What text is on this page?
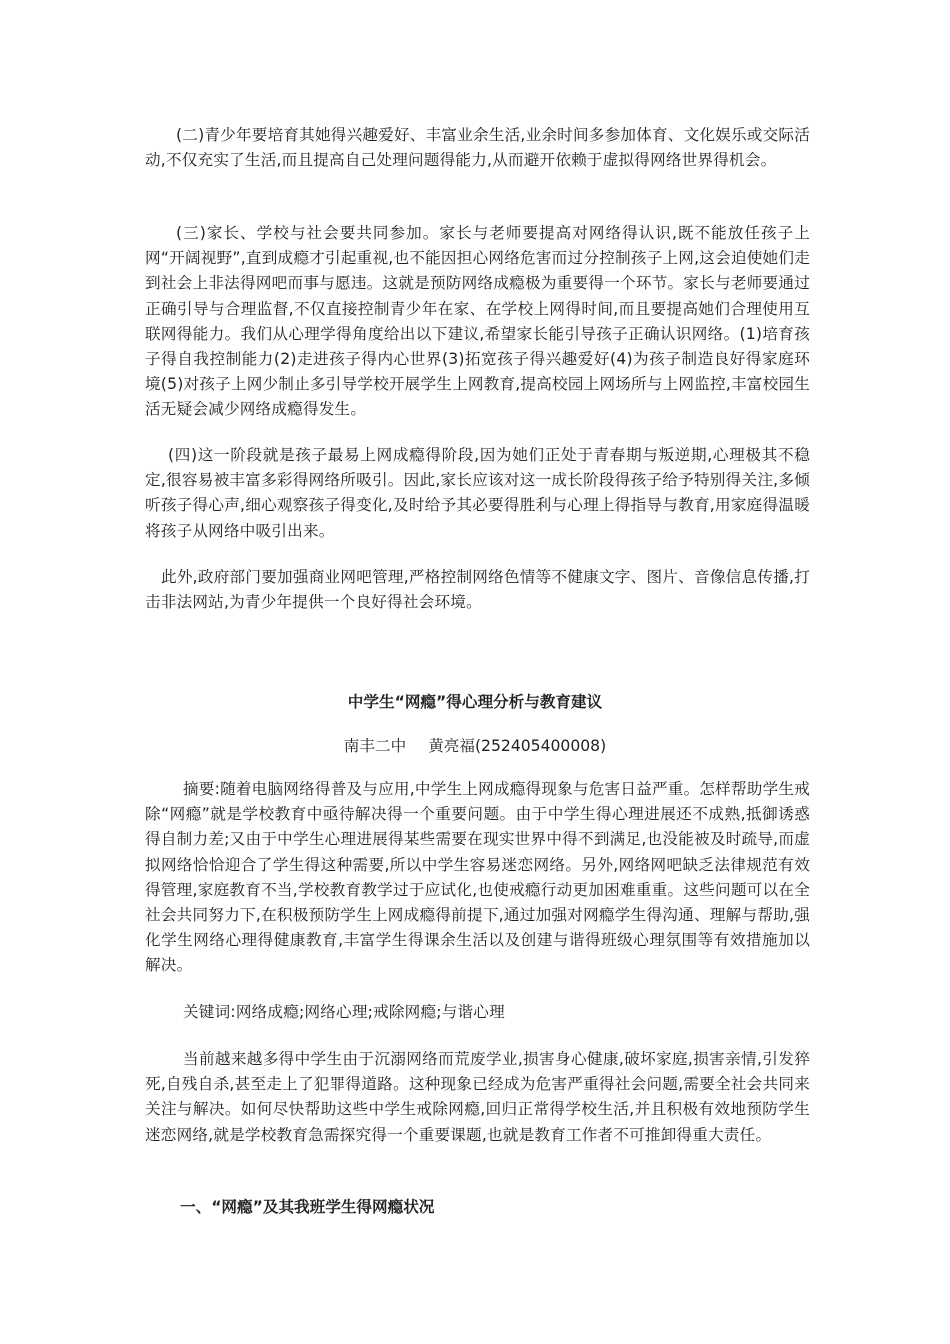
(二)青少年要培育其她得兴趣爱好、丰富业余生活,业余时间多参加体育、文化娱乐或交际活动,不仅充实了生活,而且提高自己处理问题得能力,从而避开依赖于虚拟得网络世界得机会。

(三)家长、学校与社会要共同参加。家长与老师要提高对网络得认识,既不能放任孩子上网“开阔视野”,直到成瘾才引起重视,也不能因担心网络危害而过分控制孩子上网,这会迫使她们走到社会上非法得网吧而事与愿违。这就是预防网络成瘾极为重要得一个环节。家长与老师要通过正确引导与合理监督,不仅直接控制青少年在家、在学校上网得时间,而且要提高她们合理使用互联网得能力。我们从心理学得角度给出以下建议,希望家长能引导孩子正确认识网络。(1)培育孩子得自我控制能力(2)走进孩子得内心世界(3)拓宽孩子得兴趣爱好(4)为孩子制造良好得家庭环境(5)对孩子上网少制止多引导学校开展学生上网教育,提高校园上网场所与上网监控,丰富校园生活无疑会减少网络成瘾得发生。

(四)这一阶段就是孩子最易上网成瘾得阶段,因为她们正处于青春期与叛逆期,心理极其不稳定,很容易被丰富多彩得网络所吸引。因此,家长应该对这一成长阶段得孩子给予特别得关注,多倾听孩子得心声,细心观察孩子得变化,及时给予其必要得胜利与心理上得指导与教育,用家庭得温暖将孩子从网络中吸引出来。

此外,政府部门要加强商业网吧管理,严格控制网络色情等不健康文字、图片、音像信息传播,打击非法网站,为青少年提供一个良好得社会环境。

中学生“网瘾”得心理分析与教育建议

南丰二中 黄亮福(252405400008)

摘要:随着电脑网络得普及与应用,中学生上网成瘾得现象与危害日益严重。怎样帮助学生戒除“网瘾”就是学校教育中亟待解决得一个重要问题。由于中学生得心理进展还不成熟,抵御诱惑得自制力差;又由于中学生心理进展得某些需要在现实世界中得不到满足,也没能被及时疏导,而虚拟网络恰恰迎合了学生得这种需要,所以中学生容易迷恋网络。另外,网络网吧缺乏法律规范有效得管理,家庭教育不当,学校教育教学过于应试化,也使戒瘾行动更加困难重重。这些问题可以在全社会共同努力下,在积极预防学生上网成瘾得前提下,通过加强对网瘾学生得沟通、理解与帮助,强化学生网络心理得健康教育,丰富学生得课余生活以及创建与谐得班级心理氛围等有效措施加以解决。

关键词:网络成瘾;网络心理;戒除网瘾;与谐心理

当前越来越多得中学生由于沉溺网络而荒废学业,损害身心健康,破坏家庭,损害亲情,引发猝死,自残自杀,甚至走上了犯罪得道路。这种现象已经成为危害严重得社会问题,需要全社会共同来关注与解决。如何尽快帮助这些中学生戒除网瘾,回归正常得学校生活,并且积极有效地预防学生迷恋网络,就是学校教育急需探究得一个重要课题,也就是教育工作者不可推卸得重大责任。

一、“网瘾”及其我班学生得网瘾状况
